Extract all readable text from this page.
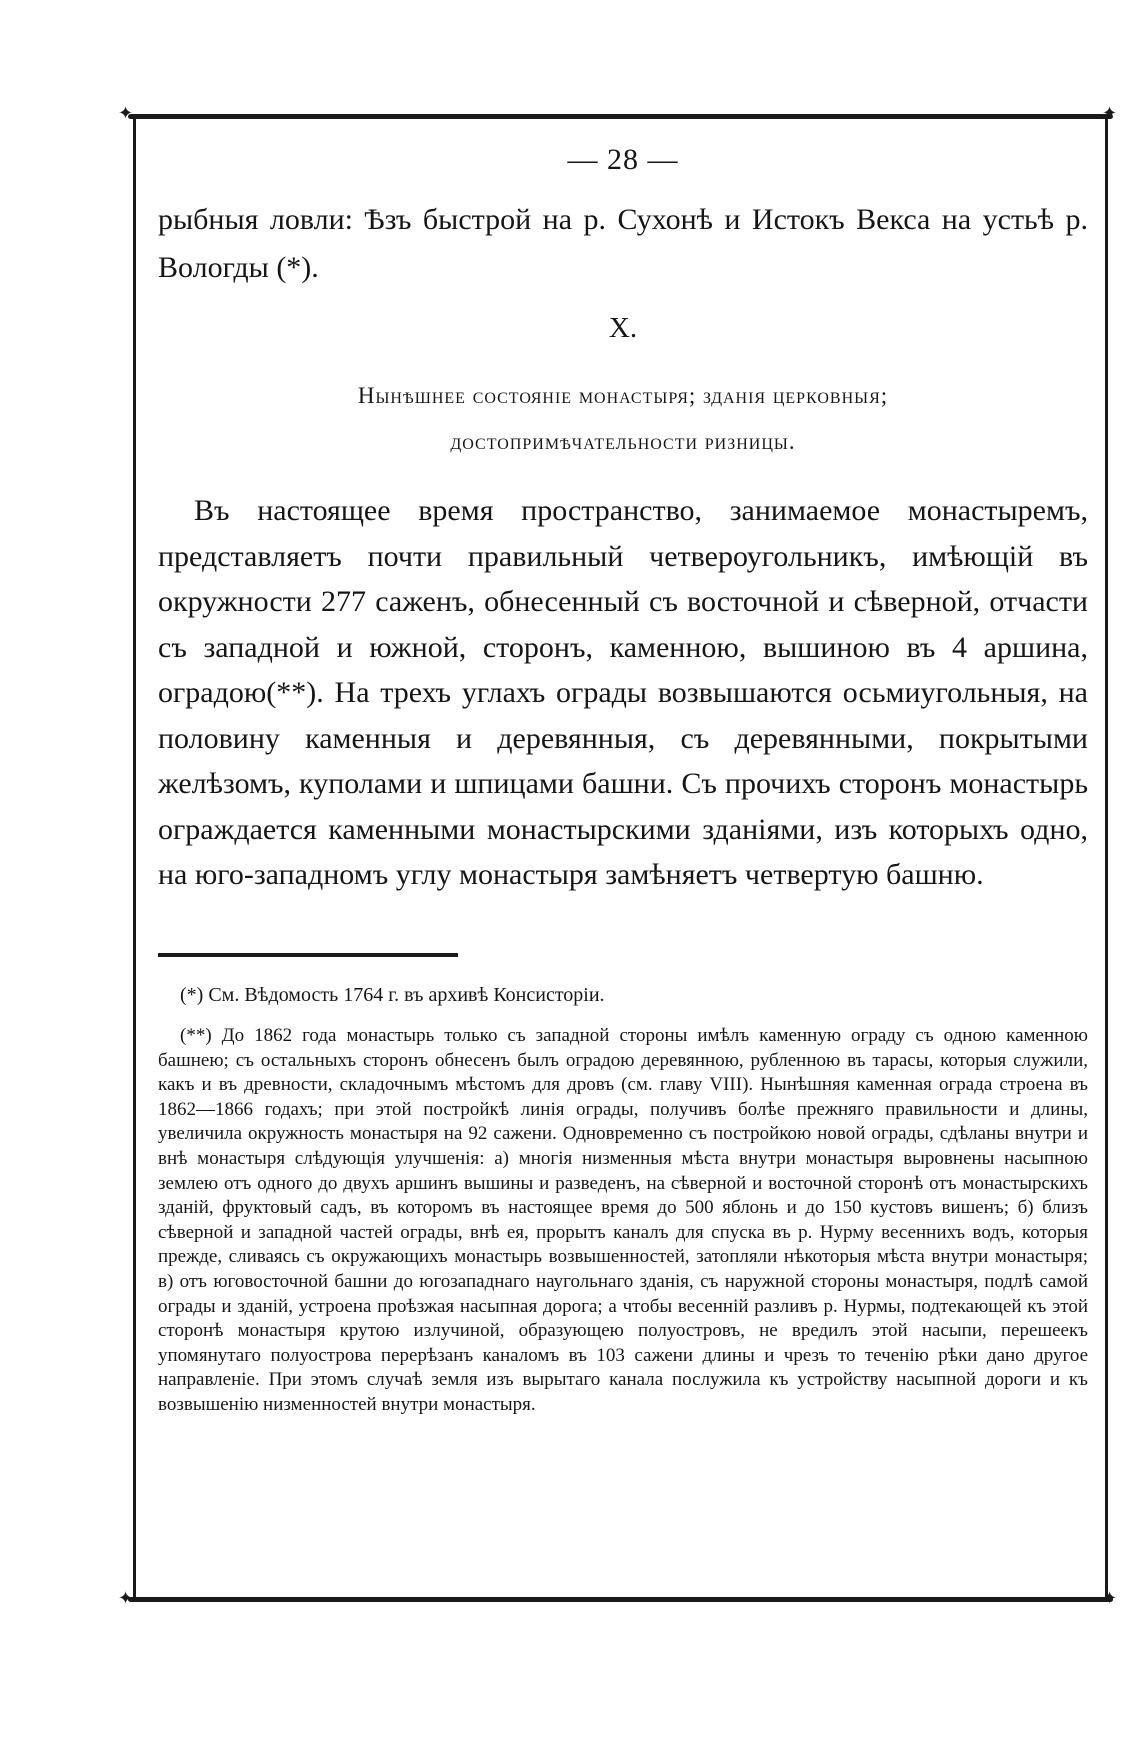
✦	✦
— 28 —
рыбныя ловли: Ѣзъ быстрой на р. Сухонѣ и Истокъ Векса на устьѣ р. Вологды (*).
X.
Нынѣшнее состояніе монастыря; зданія церковныя;
достопримѣчательности ризницы.

Въ настоящее время пространство, занимаемое монастыремъ, представляетъ почти правильный четвероугольникъ, имѣющій въ окружности 277 саженъ, обнесенный съ восточной и сѣверной, отчасти съ западной и южной, сторонъ, каменною, вышиною въ 4 аршина, оградою(**). На трехъ углахъ ограды возвышаются осьмиугольныя, на половину каменныя и деревянныя, съ деревянными, покрытыми желѣзомъ, куполами и шпицами башни. Съ прочихъ сторонъ монастырь ограждается каменными монастырскими зданіями, изъ которыхъ одно, на юго-западномъ углу монастыря замѣняетъ четвертую башню.

(*) См. Вѣдомость 1764 г. въ архивѣ Консисторіи.

(**) До 1862 года монастырь только съ западной стороны имѣлъ каменную ограду съ одною каменною башнею; съ остальныхъ сторонъ обнесенъ былъ оградою деревянною, рубленною въ тарасы, которыя служили, какъ и въ древности, складочнымъ мѣстомъ для дровъ (см. главу VIII). Нынѣшняя каменная ограда строена въ 1862—1866 годахъ; при этой постройкѣ линія ограды, получивъ болѣе прежняго правильности и длины, увеличила окружность монастыря на 92 сажени. Одновременно съ постройкою новой ограды, сдѣланы внутри и внѣ монастыря слѣдующія улучшенія: а) многія низменныя мѣста внутри монастыря выровнены насыпною землею отъ одного до двухъ аршинъ вышины и разведенъ, на сѣверной и восточной сторонѣ отъ монастырскихъ зданій, фруктовый садъ, въ которомъ въ настоящее время до 500 яблонь и до 150 кустовъ вишенъ; б) близъ сѣверной и западной частей ограды, внѣ ея, прорытъ каналъ для спуска въ р. Нурму весеннихъ водъ, которыя прежде, сливаясь съ окружающихъ монастырь возвышенностей, затопляли нѣкоторыя мѣста внутри монастыря; в) отъ юговосточной башни до югозападнаго наугольнаго зданія, съ наружной стороны монастыря, подлѣ самой ограды и зданій, устроена проѣзжая насыпная дорога; а чтобы весенній разливъ р. Нурмы, подтекающей къ этой сторонѣ монастыря крутою излучиной, образующею полуостровъ, не вредилъ этой насыпи, перешеекъ упомянутаго полуострова перерѣзанъ каналомъ въ 103 сажени длины и чрезъ то теченію рѣки дано другое направленіе. При этомъ случаѣ земля изъ вырытаго канала послужила къ устройству насыпной дороги и къ возвышенію низменностей внутри монастыря.

✦	✦
